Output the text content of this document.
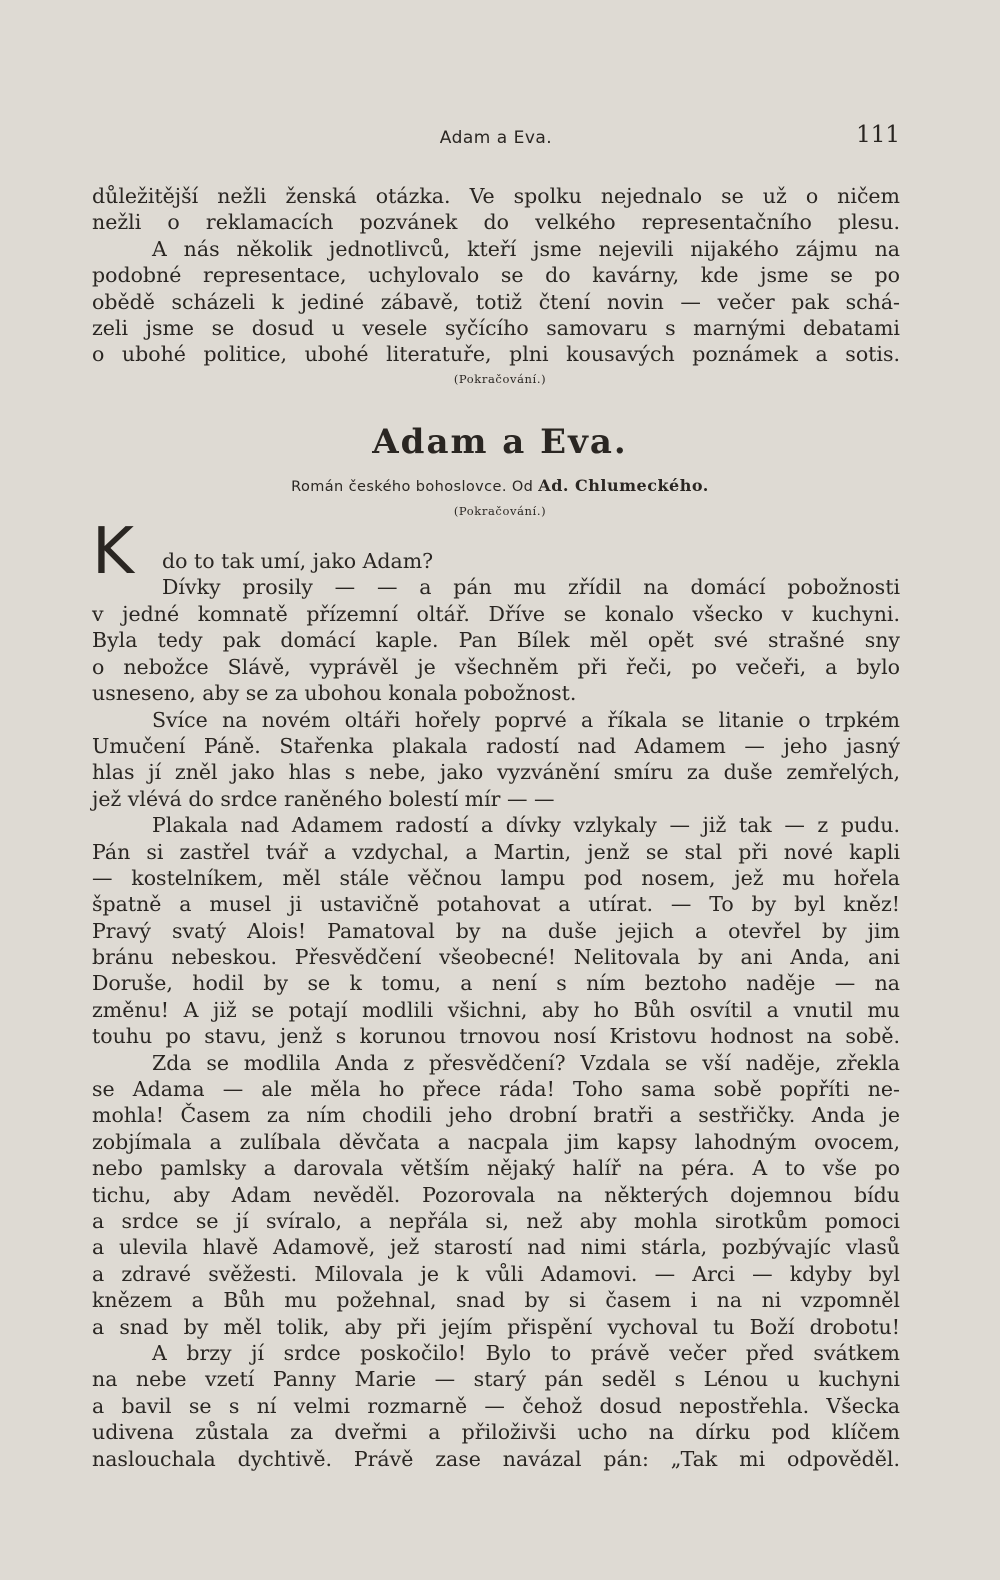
Adam a Eva.	111
důležitější nežli ženská otázka. Ve spolku nejednalo se už o ničem
nežli o reklamacích pozvánek do velkého representačního plesu.
A nás několik jednotlivců, kteří jsme nejevili nijakého zájmu na
podobné representace, uchylovalo se do kavárny, kde jsme se po
obědě scházeli k jediné zábavě, totiž čtení novin — večer pak schá-
zeli jsme se dosud u vesele syčícího samovaru s marnými debatami
o ubohé politice, ubohé literatuře, plni kousavých poznámek a sotis.
(Pokračování.)
Adam a Eva.
Román českého bohoslovce. Od Ad. Chlumeckého.
(Pokračování.)
K	do to tak umí, jako Adam?
Dívky prosily — — a pán mu zřídil na domácí pobožnosti
v jedné komnatě přízemní oltář. Dříve se konalo všecko v kuchyni.
Byla tedy pak domácí kaple. Pan Bílek měl opět své strašné sny
o nebožce Slávě, vyprávěl je všechněm při řeči, po večeři, a bylo
usneseno, aby se za ubohou konala pobožnost.
Svíce na novém oltáři hořely poprvé a říkala se litanie o trpkém
Umučení Páně. Stařenka plakala radostí nad Adamem — jeho jasný
hlas jí zněl jako hlas s nebe, jako vyzvánění smíru za duše zemřelých,
jež vlévá do srdce raněného bolestí mír — —
Plakala nad Adamem radostí a dívky vzlykaly — již tak — z pudu.
Pán si zastřel tvář a vzdychal, a Martin, jenž se stal při nové kapli
— kostelníkem, měl stále věčnou lampu pod nosem, jež mu hořela
špatně a musel ji ustavičně potahovat a utírat. — To by byl kněz!
Pravý svatý Alois! Pamatoval by na duše jejich a otevřel by jim
bránu nebeskou. Přesvědčení všeobecné! Nelitovala by ani Anda, ani
Doruše, hodil by se k tomu, a není s ním beztoho naděje — na
změnu! A již se potají modlili všichni, aby ho Bůh osvítil a vnutil mu
touhu po stavu, jenž s korunou trnovou nosí Kristovu hodnost na sobě.
Zda se modlila Anda z přesvědčení? Vzdala se vší naděje, zřekla
se Adama — ale měla ho přece ráda! Toho sama sobě popříti ne-
mohla! Časem za ním chodili jeho drobní bratři a sestřičky. Anda je
zobjímala a zulíbala děvčata a nacpala jim kapsy lahodným ovocem,
nebo pamlsky a darovala větším nějaký halíř na péra. A to vše po
tichu, aby Adam nevěděl. Pozorovala na některých dojemnou bídu
a srdce se jí svíralo, a nepřála si, než aby mohla sirotkům pomoci
a ulevila hlavě Adamově, jež starostí nad nimi stárla, pozbývajíc vlasů
a zdravé svěžesti. Milovala je k vůli Adamovi. — Arci — kdyby byl
knězem a Bůh mu požehnal, snad by si časem i na ni vzpomněl
a snad by měl tolik, aby při jejím přispění vychoval tu Boží drobotu!
A brzy jí srdce poskočilo! Bylo to právě večer před svátkem
na nebe vzetí Panny Marie — starý pán seděl s Lénou u kuchyni
a bavil se s ní velmi rozmarně — čehož dosud nepostřehla. Všecka
udivena zůstala za dveřmi a přiloživši ucho na dírku pod klíčem
naslouchala dychtivě. Právě zase navázal pán: „Tak mi odpověděl.
